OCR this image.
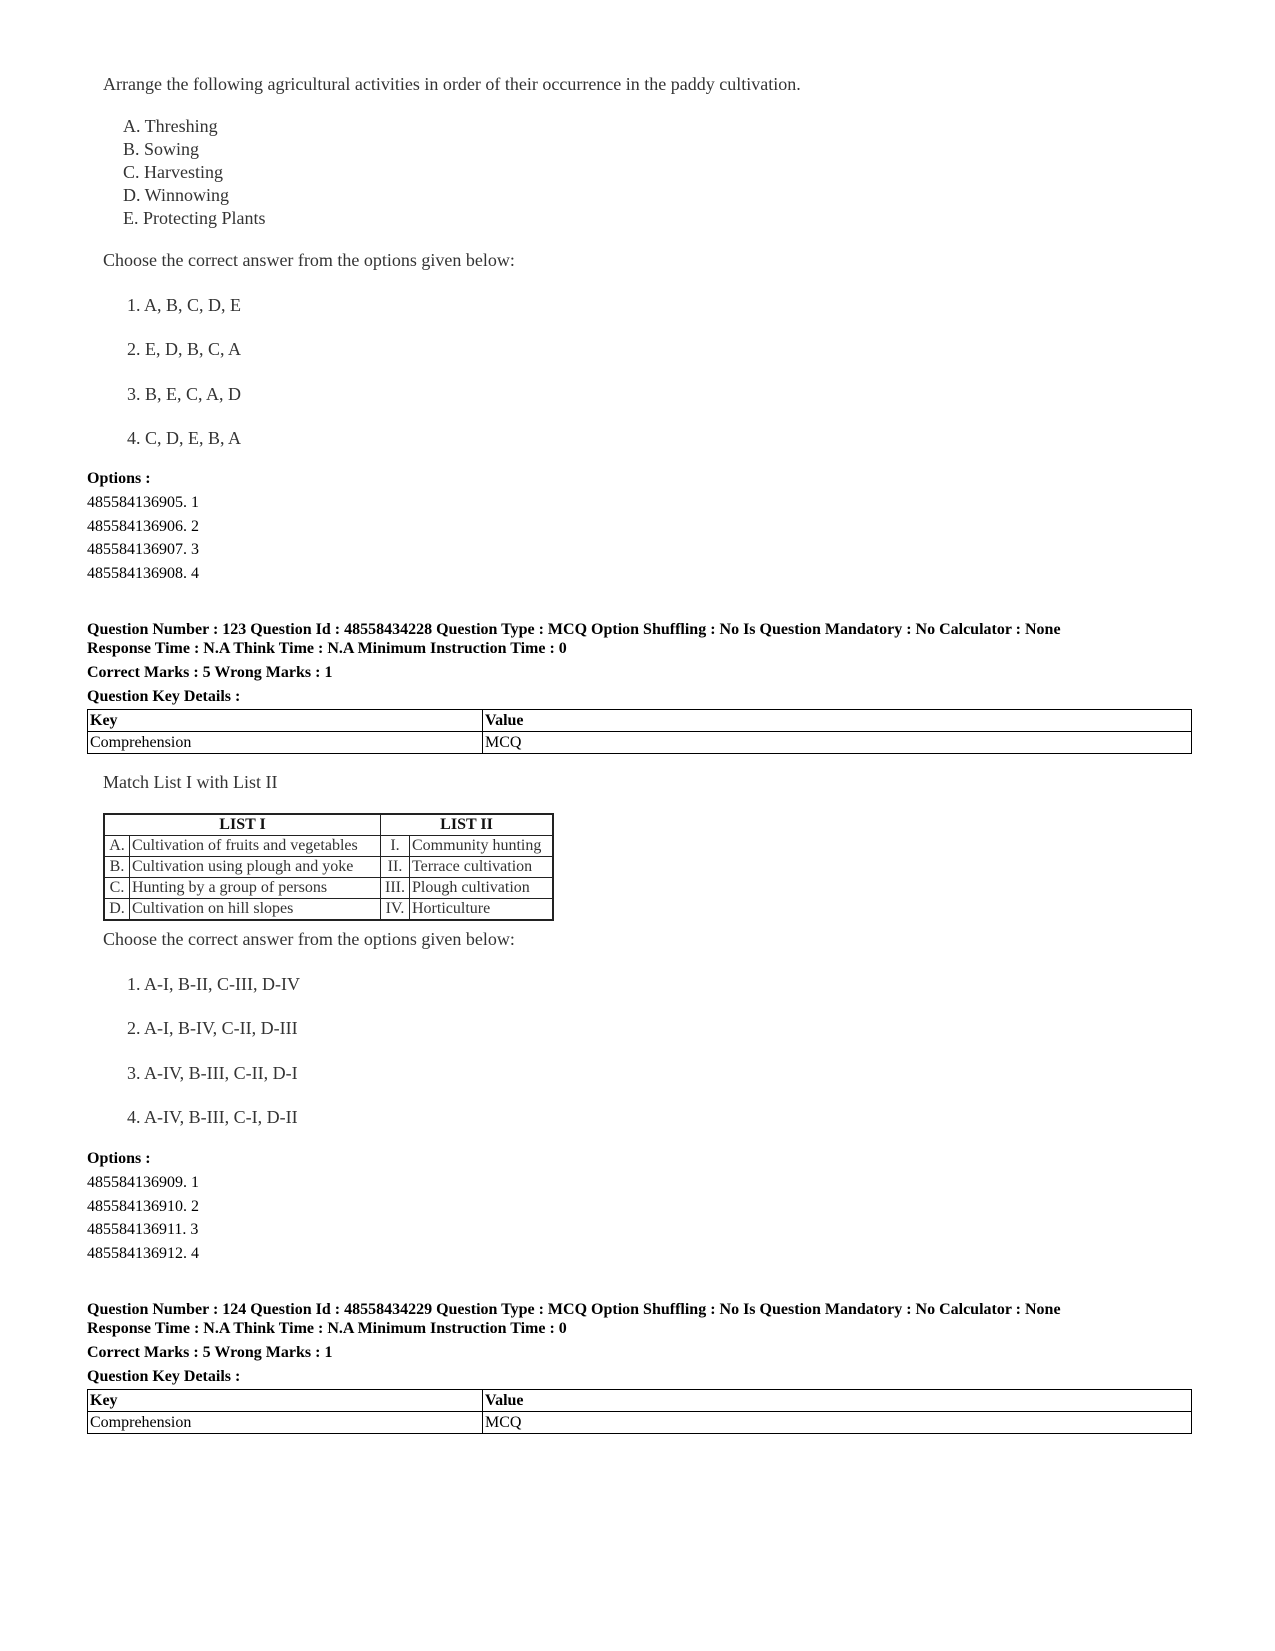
Arrange the following agricultural activities in order of their occurrence in the paddy cultivation.
A. Threshing
B. Sowing
C. Harvesting
D. Winnowing
E. Protecting Plants
Choose the correct answer from the options given below:
1. A, B, C, D, E
2. E, D, B, C, A
3. B, E, C, A, D
4. C, D, E, B, A
Options :
485584136905. 1
485584136906. 2
485584136907. 3
485584136908. 4
Question Number : 123 Question Id : 48558434228 Question Type : MCQ Option Shuffling : No Is Question Mandatory : No Calculator : None
Response Time : N.A Think Time : N.A Minimum Instruction Time : 0
Correct Marks : 5 Wrong Marks : 1
Question Key Details :
Key	Value
Comprehension	MCQ
Match List I with List II
LIST I		LIST II	
A.	Cultivation of fruits and vegetables	I.	Community hunting
B.	Cultivation using plough and yoke	II.	Terrace cultivation
C.	Hunting by a group of persons	III.	Plough cultivation
D.	Cultivation on hill slopes	IV.	Horticulture
Choose the correct answer from the options given below:
1. A-I, B-II, C-III, D-IV
2. A-I, B-IV, C-II, D-III
3. A-IV, B-III, C-II, D-I
4. A-IV, B-III, C-I, D-II
Options :
485584136909. 1
485584136910. 2
485584136911. 3
485584136912. 4
Question Number : 124 Question Id : 48558434229 Question Type : MCQ Option Shuffling : No Is Question Mandatory : No Calculator : None
Response Time : N.A Think Time : N.A Minimum Instruction Time : 0
Correct Marks : 5 Wrong Marks : 1
Question Key Details :
Key	Value
Comprehension	MCQ
